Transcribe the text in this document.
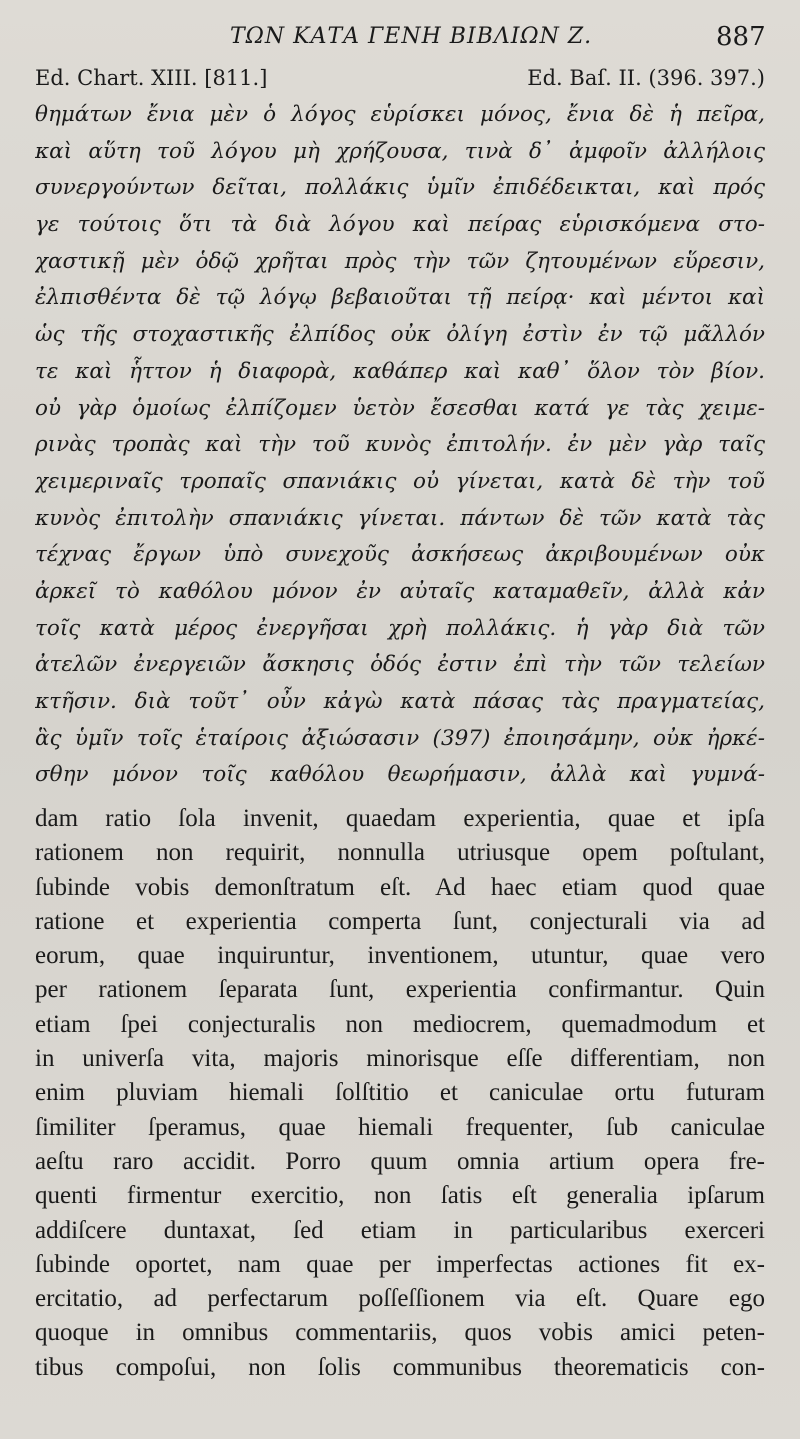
ΤΩΝ ΚΑΤΑ ΓΕΝΗ ΒΙΒΛΙΩΝ Ζ.	887
Ed. Chart. XIII. [811.]	Ed. Baſ. II. (396. 397.)
θημάτων ἔνια μὲν ὁ λόγος εὑρίσκει μόνος, ἔνια δὲ ἡ πεῖρα,
καὶ αὕτη τοῦ λόγου μὴ χρήζουσα, τινὰ δ᾽ ἀμφοῖν ἀλλήλοις
συνεργούντων δεῖται, πολλάκις ὑμῖν ἐπιδέδεικται, καὶ πρός
γε τούτοις ὅτι τὰ διὰ λόγου καὶ πείρας εὑρισκόμενα στο-
χαστικῇ μὲν ὁδῷ χρῆται πρὸς τὴν τῶν ζητουμένων εὕρεσιν,
ἐλπισθέντα δὲ τῷ λόγῳ βεβαιοῦται τῇ πείρᾳ· καὶ μέντοι καὶ
ὡς τῆς στοχαστικῆς ἐλπίδος οὐκ ὀλίγη ἐστὶν ἐν τῷ μᾶλλόν
τε καὶ ἧττον ἡ διαφορὰ, καθάπερ καὶ καθ᾽ ὅλον τὸν βίον.
οὐ γὰρ ὁμοίως ἐλπίζομεν ὑετὸν ἔσεσθαι κατά γε τὰς χειμε-
ρινὰς τροπὰς καὶ τὴν τοῦ κυνὸς ἐπιτολήν. ἐν μὲν γὰρ ταῖς
χειμεριναῖς τροπαῖς σπανιάκις οὐ γίνεται, κατὰ δὲ τὴν τοῦ
κυνὸς ἐπιτολὴν σπανιάκις γίνεται. πάντων δὲ τῶν κατὰ τὰς
τέχνας ἔργων ὑπὸ συνεχοῦς ἀσκήσεως ἀκριβουμένων οὐκ
ἀρκεῖ τὸ καθόλου μόνον ἐν αὐταῖς καταμαθεῖν, ἀλλὰ κἀν
τοῖς κατὰ μέρος ἐνεργῆσαι χρὴ πολλάκις. ἡ γὰρ διὰ τῶν
ἀτελῶν ἐνεργειῶν ἄσκησις ὁδός ἐστιν ἐπὶ τὴν τῶν τελείων
κτῆσιν. διὰ τοῦτ᾽ οὖν κἀγὼ κατὰ πάσας τὰς πραγματείας,
ἃς ὑμῖν τοῖς ἑταίροις ἀξιώσασιν (397) ἐποιησάμην, οὐκ ἠρκέ-
σθην μόνον τοῖς καθόλου θεωρήμασιν, ἀλλὰ καὶ γυμνά-
dam ratio ſola invenit, quaedam experientia, quae et ipſa
rationem non requirit, nonnulla utriusque opem poſtulant,
ſubinde vobis demonſtratum eſt. Ad haec etiam quod quae
ratione et experientia comperta ſunt, conjecturali via ad
eorum, quae inquiruntur, inventionem, utuntur, quae vero
per rationem ſeparata ſunt, experientia confirmantur. Quin
etiam ſpei conjecturalis non mediocrem, quemadmodum et
in univerſa vita, majoris minorisque eſſe differentiam, non
enim pluviam hiemali ſolſtitio et caniculae ortu futuram
ſimiliter ſperamus, quae hiemali frequenter, ſub caniculae
aeſtu raro accidit. Porro quum omnia artium opera fre-
quenti firmentur exercitio, non ſatis eſt generalia ipſarum
addiſcere duntaxat, ſed etiam in particularibus exerceri
ſubinde oportet, nam quae per imperfectas actiones fit ex-
ercitatio, ad perfectarum poſſeſſionem via eſt. Quare ego
quoque in omnibus commentariis, quos vobis amici peten-
tibus compoſui, non ſolis communibus theorematicis con-
